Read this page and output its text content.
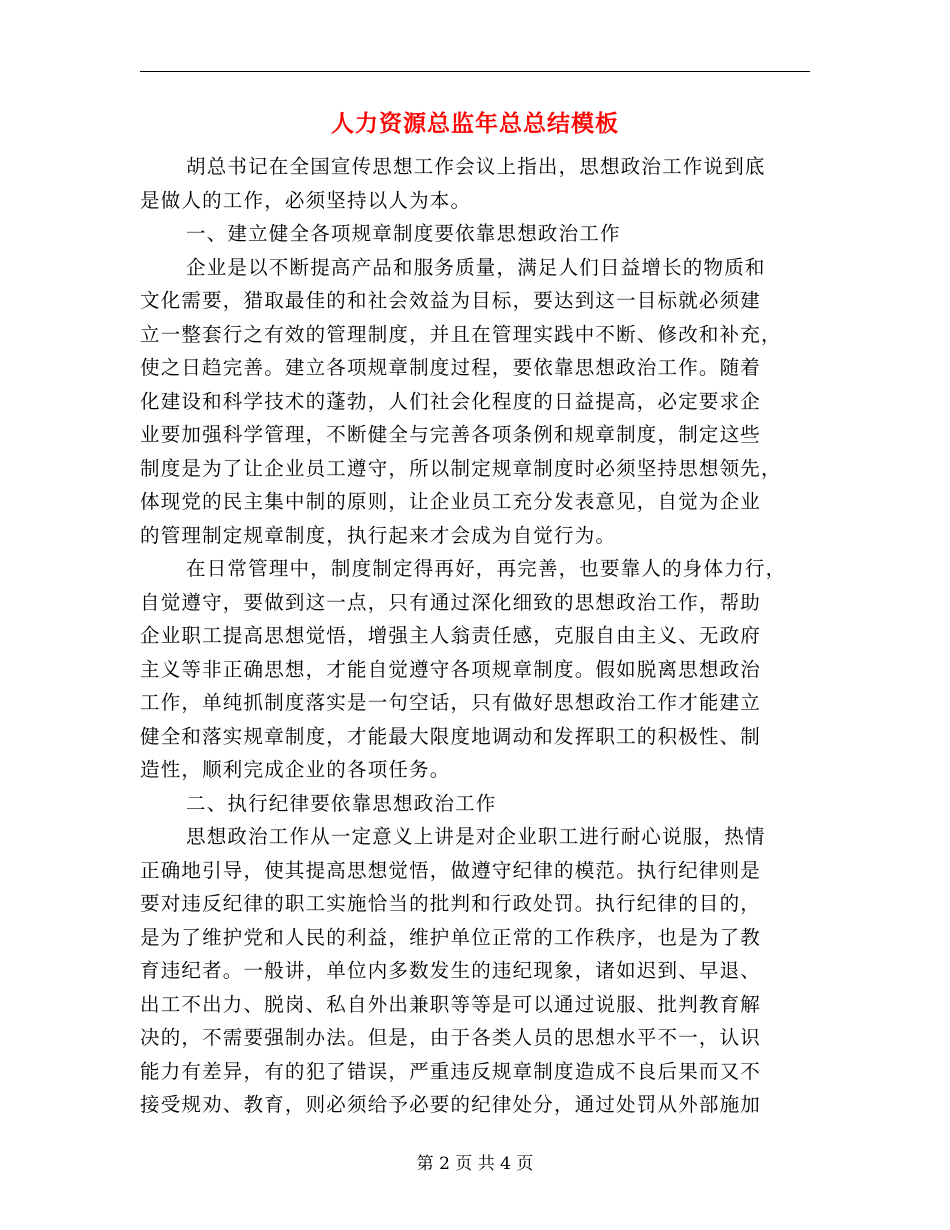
人力资源总监年总总结模板
胡总书记在全国宣传思想工作会议上指出，思想政治工作说到底
是做人的工作，必须坚持以人为本。
一、建立健全各项规章制度要依靠思想政治工作
企业是以不断提高产品和服务质量，满足人们日益增长的物质和
文化需要，猎取最佳的和社会效益为目标，要达到这一目标就必须建
立一整套行之有效的管理制度，并且在管理实践中不断、修改和补充，
使之日趋完善。建立各项规章制度过程，要依靠思想政治工作。随着
化建设和科学技术的蓬勃，人们社会化程度的日益提高，必定要求企
业要加强科学管理，不断健全与完善各项条例和规章制度，制定这些
制度是为了让企业员工遵守，所以制定规章制度时必须坚持思想领先，
体现党的民主集中制的原则，让企业员工充分发表意见，自觉为企业
的管理制定规章制度，执行起来才会成为自觉行为。
在日常管理中，制度制定得再好，再完善，也要靠人的身体力行，
自觉遵守，要做到这一点，只有通过深化细致的思想政治工作，帮助
企业职工提高思想觉悟，增强主人翁责任感，克服自由主义、无政府
主义等非正确思想，才能自觉遵守各项规章制度。假如脱离思想政治
工作，单纯抓制度落实是一句空话，只有做好思想政治工作才能建立
健全和落实规章制度，才能最大限度地调动和发挥职工的积极性、制
造性，顺利完成企业的各项任务。
二、执行纪律要依靠思想政治工作
思想政治工作从一定意义上讲是对企业职工进行耐心说服，热情
正确地引导，使其提高思想觉悟，做遵守纪律的模范。执行纪律则是
要对违反纪律的职工实施恰当的批判和行政处罚。执行纪律的目的，
是为了维护党和人民的利益，维护单位正常的工作秩序，也是为了教
育违纪者。一般讲，单位内多数发生的违纪现象，诸如迟到、早退、
出工不出力、脱岗、私自外出兼职等等是可以通过说服、批判教育解
决的，不需要强制办法。但是，由于各类人员的思想水平不一，认识
能力有差异，有的犯了错误，严重违反规章制度造成不良后果而又不
接受规劝、教育，则必须给予必要的纪律处分，通过处罚从外部施加
第 2 页 共 4 页
